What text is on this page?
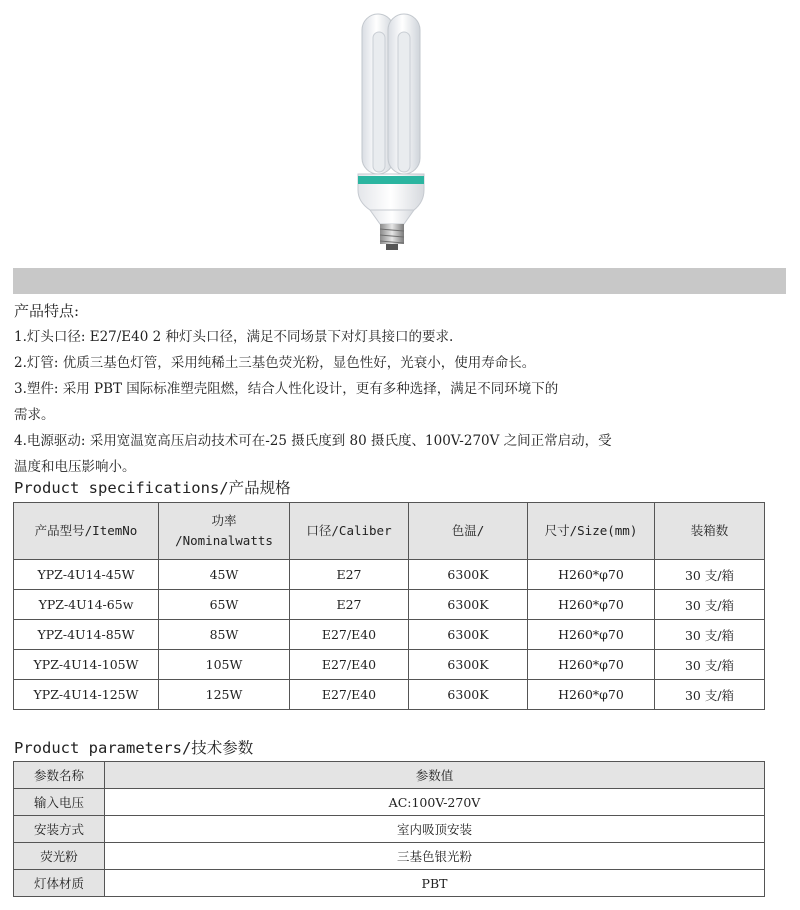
产品特点:
1.灯头口径: E27/E40 2 种灯头口径，满足不同场景下对灯具接口的要求.
2.灯管: 优质三基色灯管，采用纯稀土三基色荧光粉，显色性好，光衰小，使用寿命长。
3.塑件: 采用 PBT 国际标准塑壳阻燃，结合人性化设计，更有多种选择，满足不同环境下的
需求。
4.电源驱动: 采用宽温宽高压启动技术可在-25 摄氏度到 80 摄氏度、100V-270V 之间正常启动，受
温度和电压影响小。
Product specifications/产品规格
产品型号/ItemNo	功率
/Nominalwatts	口径/Caliber	色温/	尺寸/Size(mm)	装箱数
YPZ-4U14-45W	45W	E27	6300K	H260*φ70	30 支/箱
YPZ-4U14-65w	65W	E27	6300K	H260*φ70	30 支/箱
YPZ-4U14-85W	85W	E27/E40	6300K	H260*φ70	30 支/箱
YPZ-4U14-105W	105W	E27/E40	6300K	H260*φ70	30 支/箱
YPZ-4U14-125W	125W	E27/E40	6300K	H260*φ70	30 支/箱
Product parameters/技术参数
参数名称	参数值
输入电压	AC:100V-270V
安装方式	室内吸顶安装
荧光粉	三基色银光粉
灯体材质	PBT
